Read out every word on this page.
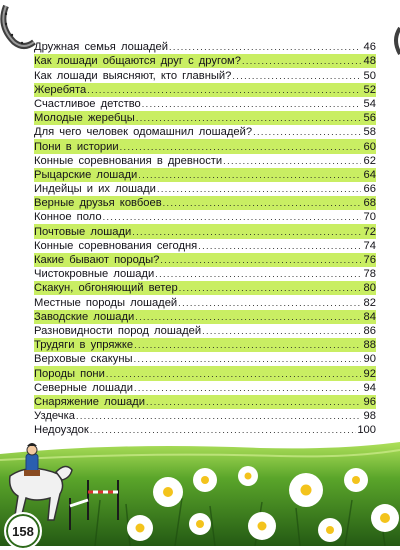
Дружная семья лошадей .....	46
Как лошади общаются друг с другом? .....	48
Как лошади выясняют, кто главный? .....	50
Жеребята .....	52
Счастливое детство .....	54
Молодые жеребцы .....	56
Для чего человек одомашнил лошадей? .....	58
Пони в истории .....	60
Конные соревнования в древности .....	62
Рыцарские лошади .....	64
Индейцы и их лошади .....	66
Верные друзья ковбоев .....	68
Конное поло .....	70
Почтовые лошади .....	72
Конные соревнования сегодня .....	74
Какие бывают породы? .....	76
Чистокровные лошади .....	78
Скакун, обгоняющий ветер .....	80
Местные породы лошадей .....	82
Заводские лошади .....	84
Разновидности пород лошадей .....	86
Трудяги в упряжке .....	88
Верховые скакуны .....	90
Породы пони .....	92
Северные лошади .....	94
Снаряжение лошади .....	96
Уздечка .....	98
Недоуздок .....	100
158
